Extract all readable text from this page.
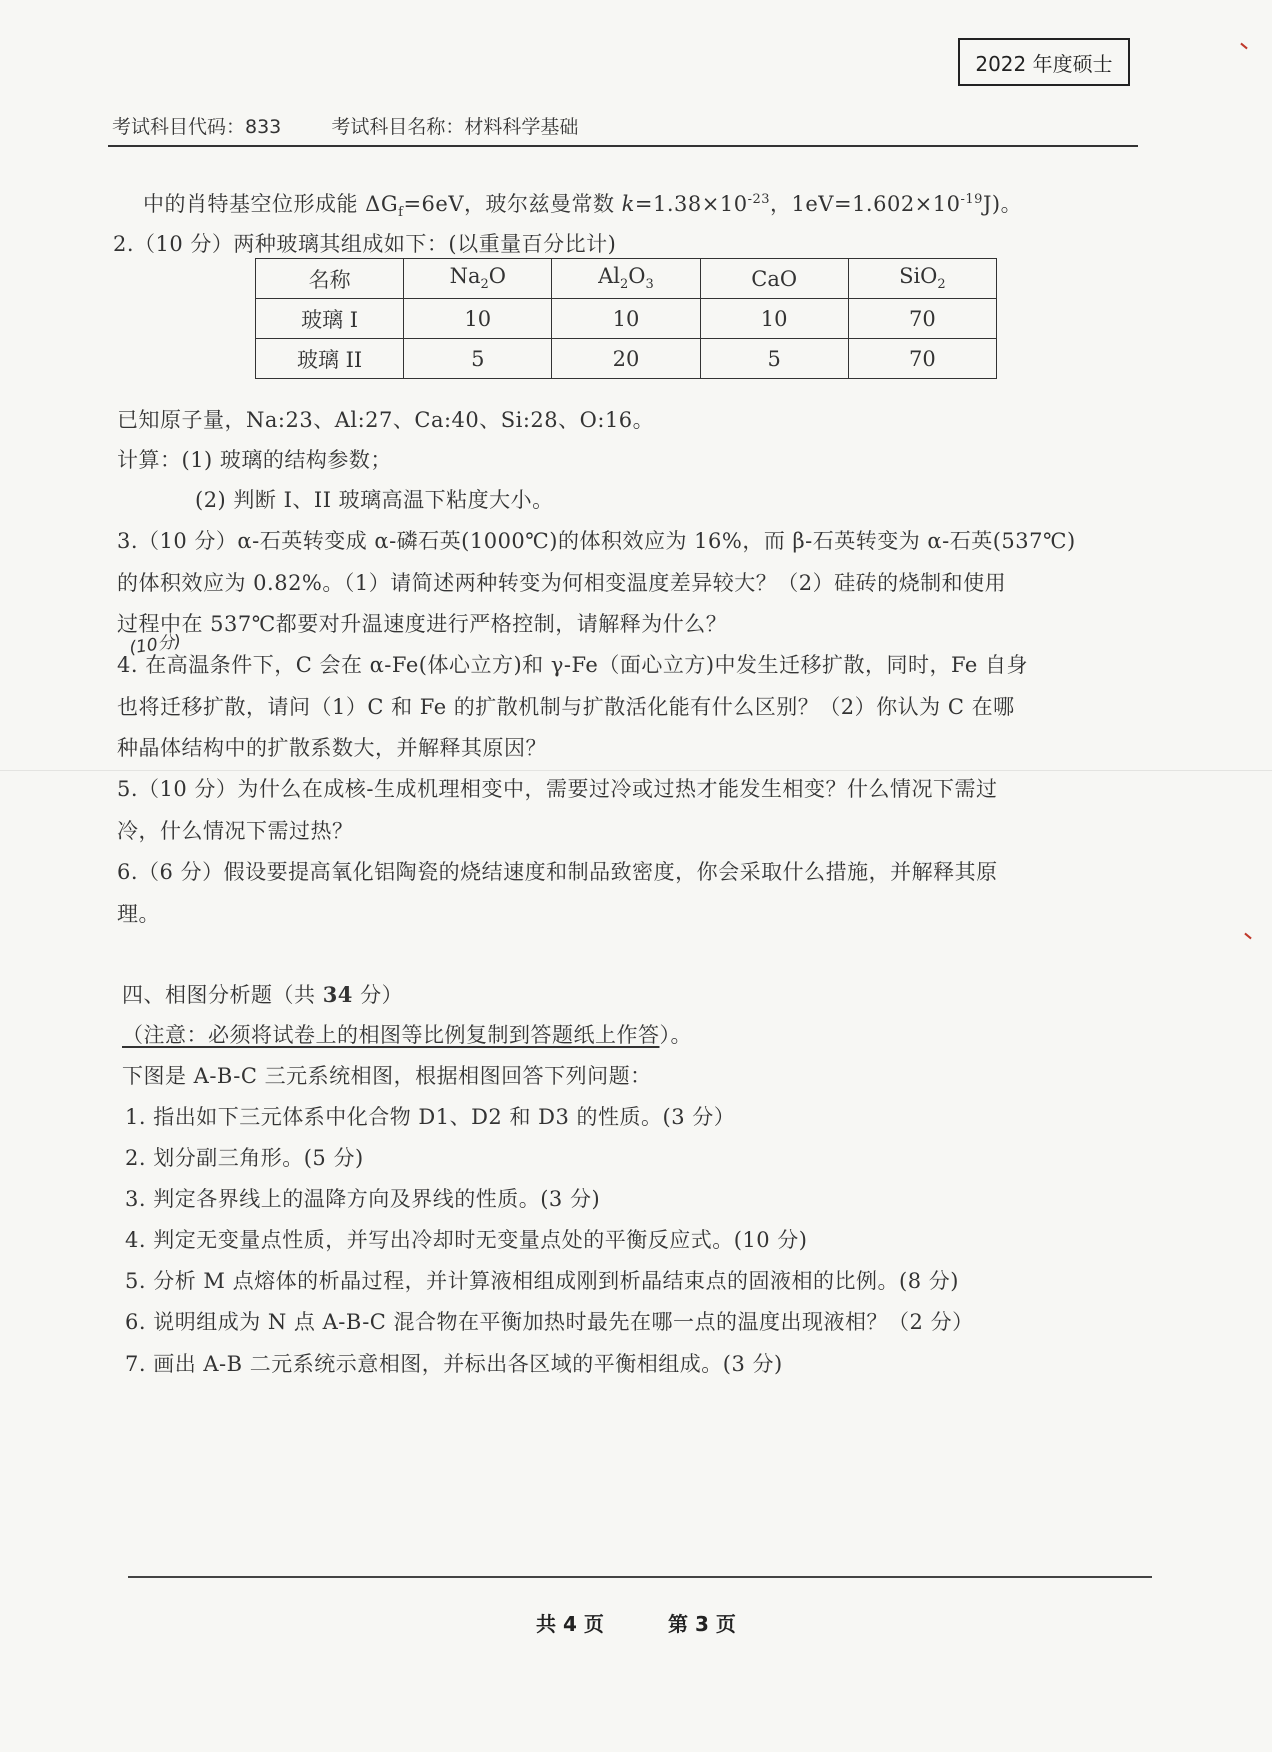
2022 年度硕士
考试科目代码：833	考试科目名称：材料科学基础
中的肖特基空位形成能 $\Delta G_f=6eV$，玻尔兹曼常数 $k=1.38\times 10^{-23}$，$1eV=1.602\times 10^{-19}J$)。
2.（10 分）两种玻璃其组成如下：(以重量百分比计)
名称	$Na_2O$	$Al_2O_3$	CaO	SiO$_2$
玻璃 I	10	10	10	70
玻璃 II	5	20	5	70
已知原子量，Na:23、Al:27、Ca:40、Si:28、O:16。
计算：(1) 玻璃的结构参数；
(2) 判断 I、II 玻璃高温下粘度大小。
3.（10 分）α-石英转变成 α-磷石英(1000℃)的体积效应为 16%，而 β-石英转变为 α-石英(537℃)
的体积效应为 0.82%。（1）请简述两种转变为何相变温度差异较大？（2）硅砖的烧制和使用
过程中在 537℃都要对升温速度进行严格控制，请解释为什么？
(10分)
4. 在高温条件下，C 会在 α-Fe(体心立方)和 γ-Fe（面心立方)中发生迁移扩散，同时，Fe 自身
也将迁移扩散，请问（1）C 和 Fe 的扩散机制与扩散活化能有什么区别？（2）你认为 C 在哪
种晶体结构中的扩散系数大，并解释其原因？
5.（10 分）为什么在成核-生成机理相变中，需要过冷或过热才能发生相变？什么情况下需过
冷，什么情况下需过热？
6.（6 分）假设要提高氧化铝陶瓷的烧结速度和制品致密度，你会采取什么措施，并解释其原
理。
四、相图分析题（共 34 分）
（注意：必须将试卷上的相图等比例复制到答题纸上作答）。
下图是 A-B-C 三元系统相图，根据相图回答下列问题：
1. 指出如下三元体系中化合物 D1、D2 和 D3 的性质。(3 分）
2. 划分副三角形。(5 分)
3. 判定各界线上的温降方向及界线的性质。(3 分)
4. 判定无变量点性质，并写出冷却时无变量点处的平衡反应式。(10 分)
5. 分析 M 点熔体的析晶过程，并计算液相组成刚到析晶结束点的固液相的比例。(8 分)
6. 说明组成为 N 点 A-B-C 混合物在平衡加热时最先在哪一点的温度出现液相？（2 分）
7. 画出 A-B 二元系统示意相图，并标出各区域的平衡相组成。(3 分)
共 4 页	第 3 页
